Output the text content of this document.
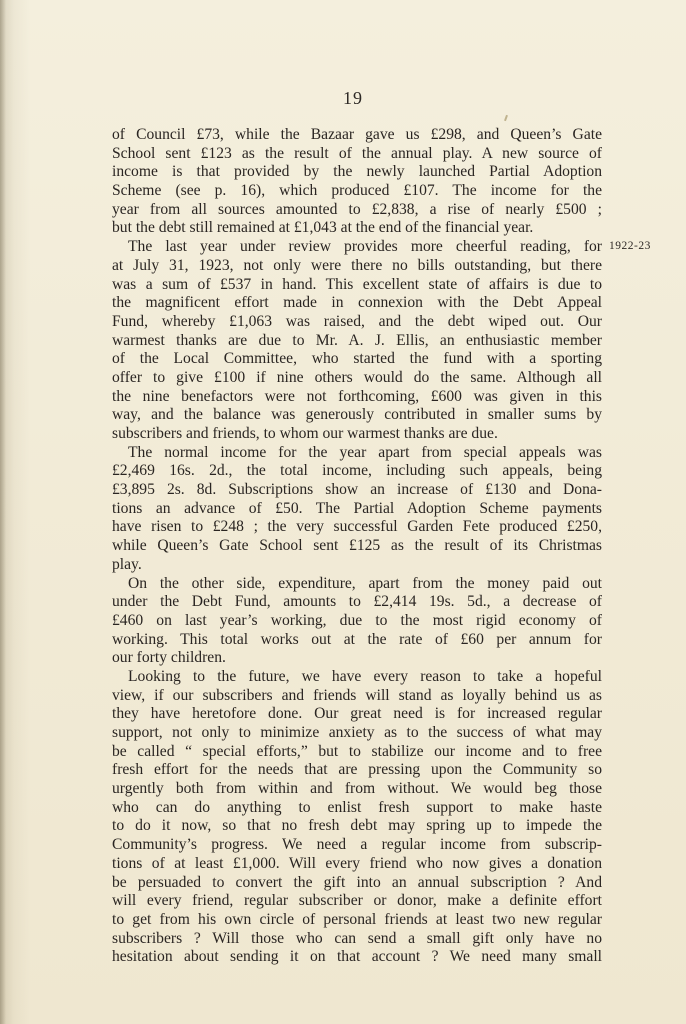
19
1922-23
of Council £73, while the Bazaar gave us £298, and Queen’s Gate
School sent £123 as the result of the annual play. A new source of
income is that provided by the newly launched Partial Adoption
Scheme (see p. 16), which produced £107. The income for the
year from all sources amounted to £2,838, a rise of nearly £500 ;
but the debt still remained at £1,043 at the end of the financial year.
The last year under review provides more cheerful reading, for
at July 31, 1923, not only were there no bills outstanding, but there
was a sum of £537 in hand. This excellent state of affairs is due to
the magnificent effort made in connexion with the Debt Appeal
Fund, whereby £1,063 was raised, and the debt wiped out. Our
warmest thanks are due to Mr. A. J. Ellis, an enthusiastic member
of the Local Committee, who started the fund with a sporting
offer to give £100 if nine others would do the same. Although all
the nine benefactors were not forthcoming, £600 was given in this
way, and the balance was generously contributed in smaller sums by
subscribers and friends, to whom our warmest thanks are due.
The normal income for the year apart from special appeals was
£2,469 16s. 2d., the total income, including such appeals, being
£3,895 2s. 8d. Subscriptions show an increase of £130 and Dona-
tions an advance of £50. The Partial Adoption Scheme payments
have risen to £248 ; the very successful Garden Fete produced £250,
while Queen’s Gate School sent £125 as the result of its Christmas
play.
On the other side, expenditure, apart from the money paid out
under the Debt Fund, amounts to £2,414 19s. 5d., a decrease of
£460 on last year’s working, due to the most rigid economy of
working. This total works out at the rate of £60 per annum for
our forty children.
Looking to the future, we have every reason to take a hopeful
view, if our subscribers and friends will stand as loyally behind us as
they have heretofore done. Our great need is for increased regular
support, not only to minimize anxiety as to the success of what may
be called “ special efforts,” but to stabilize our income and to free
fresh effort for the needs that are pressing upon the Community so
urgently both from within and from without. We would beg those
who can do anything to enlist fresh support to make haste
to do it now, so that no fresh debt may spring up to impede the
Community’s progress. We need a regular income from subscrip-
tions of at least £1,000. Will every friend who now gives a donation
be persuaded to convert the gift into an annual subscription ? And
will every friend, regular subscriber or donor, make a definite effort
to get from his own circle of personal friends at least two new regular
subscribers ? Will those who can send a small gift only have no
hesitation about sending it on that account ? We need many small
